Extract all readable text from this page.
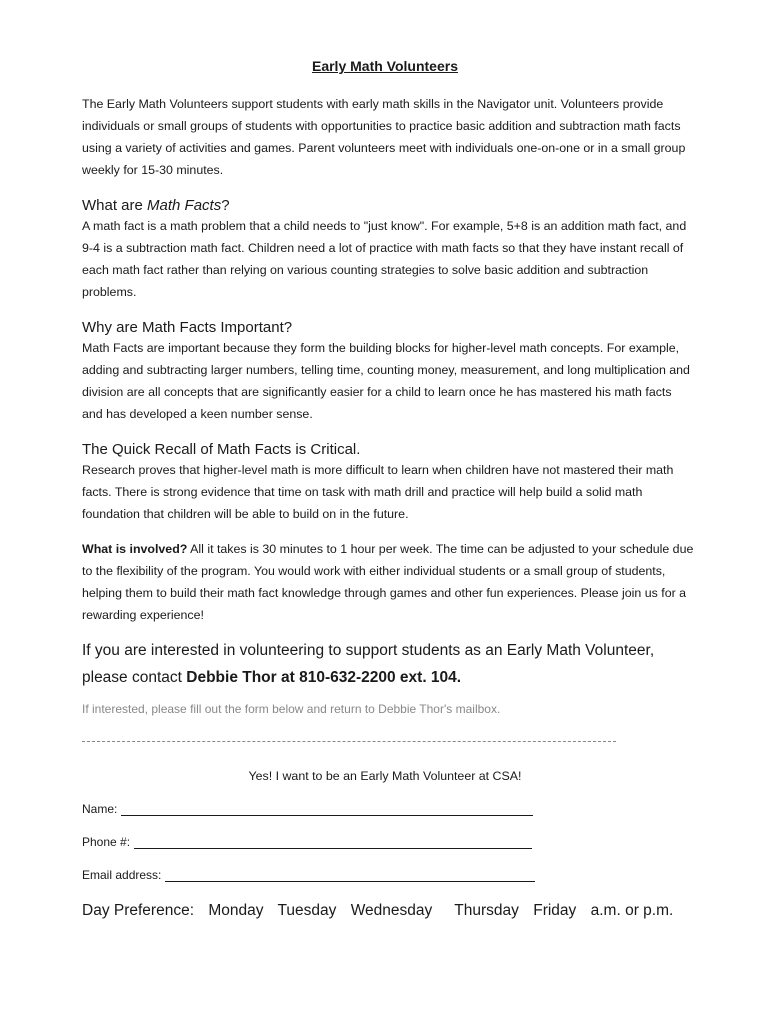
Early Math Volunteers

The Early Math Volunteers support students with early math skills in the Navigator unit. Volunteers provide individuals or small groups of students with opportunities to practice basic addition and subtraction math facts using a variety of activities and games. Parent volunteers meet with individuals one-on-one or in a small group weekly for 15-30 minutes.

What are Math Facts?

A math fact is a math problem that a child needs to "just know". For example, 5+8 is an addition math fact, and 9-4 is a subtraction math fact. Children need a lot of practice with math facts so that they have instant recall of each math fact rather than relying on various counting strategies to solve basic addition and subtraction problems.

Why are Math Facts Important?

Math Facts are important because they form the building blocks for higher-level math concepts. For example, adding and subtracting larger numbers, telling time, counting money, measurement, and long multiplication and division are all concepts that are significantly easier for a child to learn once he has mastered his math facts and has developed a keen number sense.

The Quick Recall of Math Facts is Critical.

Research proves that higher-level math is more difficult to learn when children have not mastered their math facts. There is strong evidence that time on task with math drill and practice will help build a solid math foundation that children will be able to build on in the future.

What is involved? All it takes is 30 minutes to 1 hour per week. The time can be adjusted to your schedule due to the flexibility of the program. You would work with either individual students or a small group of students, helping them to build their math fact knowledge through games and other fun experiences. Please join us for a rewarding experience!

If you are interested in volunteering to support students as an Early Math Volunteer, please contact Debbie Thor at 810-632-2200 ext. 104.

If interested, please fill out the form below and return to Debbie Thor's mailbox.

Yes! I want to be an Early Math Volunteer at CSA!

Name:
Phone #:
Email address:

Day Preference: Monday Tuesday Wednesday Thursday Friday a.m. or p.m.
